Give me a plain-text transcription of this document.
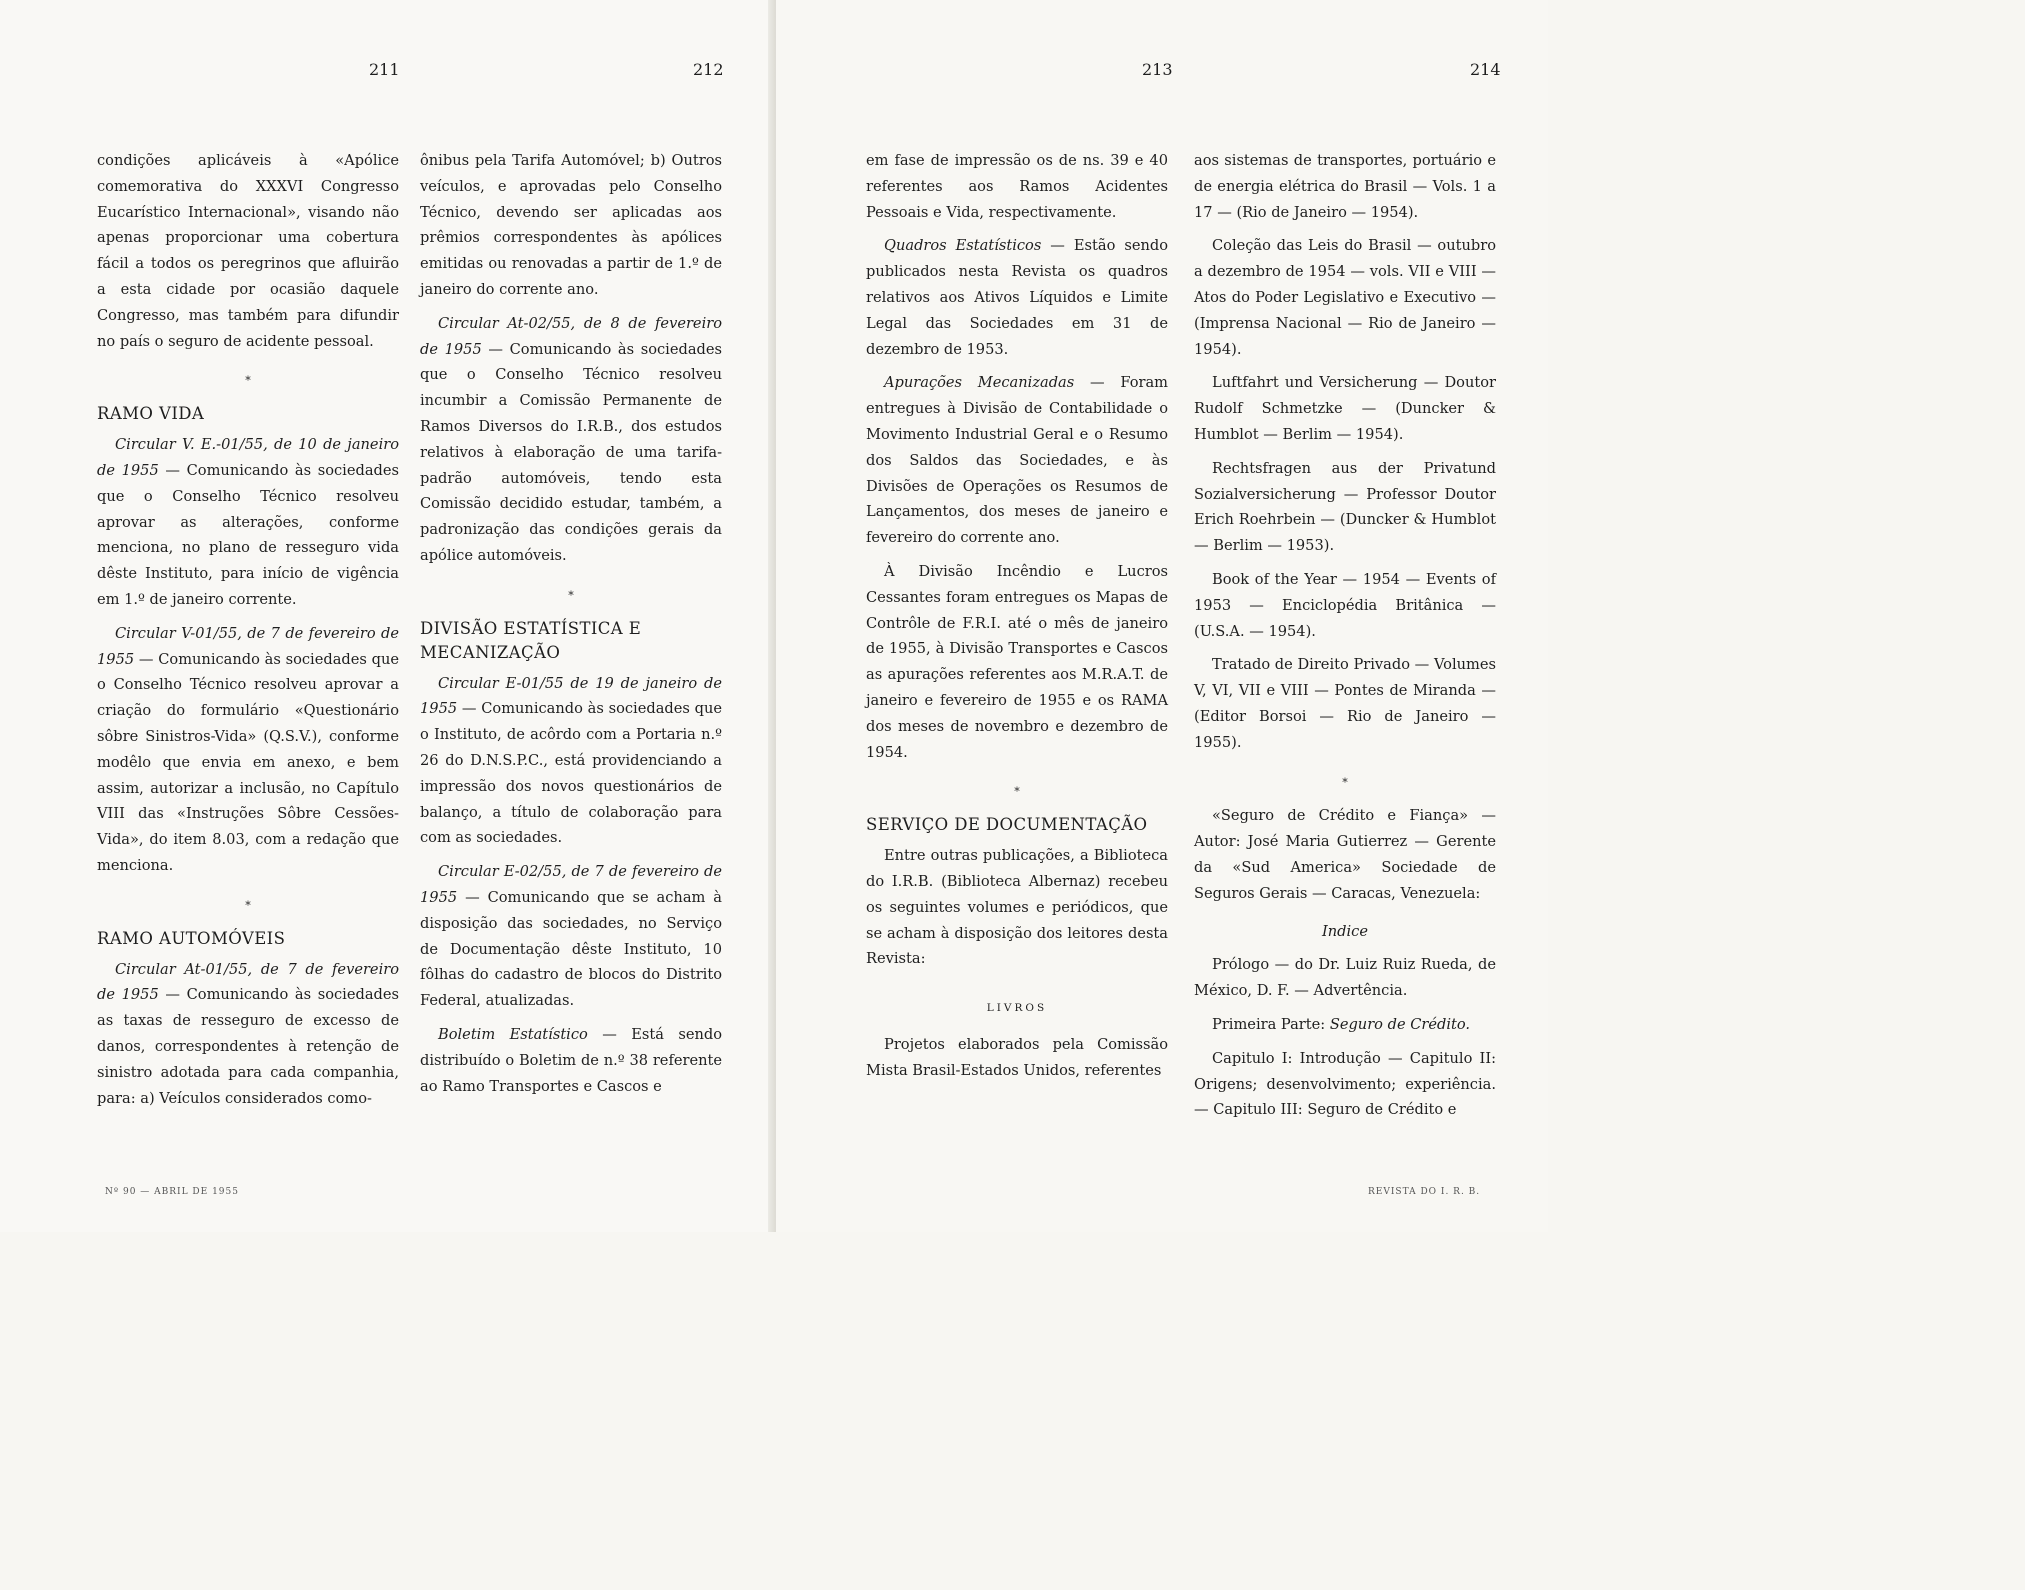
211	212

condições aplicáveis à «Apólice comemorativa do XXXVI Congresso Eucarístico Internacional», visando não apenas proporcionar uma cobertura fácil a todos os peregrinos que afluirão a esta cidade por ocasião daquele Congresso, mas também para difundir no país o seguro de acidente pessoal.

*
RAMO VIDA

Circular V. E.-01/55, de 10 de janeiro de 1955 — Comunicando às sociedades que o Conselho Técnico resolveu aprovar as alterações, conforme menciona, no plano de resseguro vida dêste Instituto, para início de vigência em 1.º de janeiro corrente.

Circular V-01/55, de 7 de fevereiro de 1955 — Comunicando às sociedades que o Conselho Técnico resolveu aprovar a criação do formulário «Questionário sôbre Sinistros-Vida» (Q.S.V.), conforme modêlo que envia em anexo, e bem assim, autorizar a inclusão, no Capítulo VIII das «Instruções Sôbre Cessões-Vida», do item 8.03, com a redação que menciona.

*
RAMO AUTOMÓVEIS

Circular At-01/55, de 7 de fevereiro de 1955 — Comunicando às sociedades as taxas de resseguro de excesso de danos, correspondentes à retenção de sinistro adotada para cada companhia, para: a) Veículos considerados como-

ônibus pela Tarifa Automóvel; b) Outros veículos, e aprovadas pelo Conselho Técnico, devendo ser aplicadas aos prêmios correspondentes às apólices emitidas ou renovadas a partir de 1.º de janeiro do corrente ano.

Circular At-02/55, de 8 de fevereiro de 1955 — Comunicando às sociedades que o Conselho Técnico resolveu incumbir a Comissão Permanente de Ramos Diversos do I.R.B., dos estudos relativos à elaboração de uma tarifa-padrão automóveis, tendo esta Comissão decidido estudar, também, a padronização das condições gerais da apólice automóveis.

*
DIVISÃO ESTATÍSTICA E MECANIZAÇÃO

Circular E-01/55 de 19 de janeiro de 1955 — Comunicando às sociedades que o Instituto, de acôrdo com a Portaria n.º 26 do D.N.S.P.C., está providenciando a impressão dos novos questionários de balanço, a título de colaboração para com as sociedades.

Circular E-02/55, de 7 de fevereiro de 1955 — Comunicando que se acham à disposição das sociedades, no Serviço de Documentação dêste Instituto, 10 fôlhas do cadastro de blocos do Distrito Federal, atualizadas.

Boletim Estatístico — Está sendo distribuído o Boletim de n.º 38 referente ao Ramo Transportes e Cascos e

Nº 90 — ABRIL DE 1955
213	214

em fase de impressão os de ns. 39 e 40 referentes aos Ramos Acidentes Pessoais e Vida, respectivamente.

Quadros Estatísticos — Estão sendo publicados nesta Revista os quadros relativos aos Ativos Líquidos e Limite Legal das Sociedades em 31 de dezembro de 1953.

Apurações Mecanizadas — Foram entregues à Divisão de Contabilidade o Movimento Industrial Geral e o Resumo dos Saldos das Sociedades, e às Divisões de Operações os Resumos de Lançamentos, dos meses de janeiro e fevereiro do corrente ano.

À Divisão Incêndio e Lucros Cessantes foram entregues os Mapas de Contrôle de F.R.I. até o mês de janeiro de 1955, à Divisão Transportes e Cascos as apurações referentes aos M.R.A.T. de janeiro e fevereiro de 1955 e os RAMA dos meses de novembro e dezembro de 1954.

*
SERVIÇO DE DOCUMENTAÇÃO

Entre outras publicações, a Biblioteca do I.R.B. (Biblioteca Albernaz) recebeu os seguintes volumes e periódicos, que se acham à disposição dos leitores desta Revista:

LIVROS

Projetos elaborados pela Comissão Mista Brasil-Estados Unidos, referentes

aos sistemas de transportes, portuário e de energia elétrica do Brasil — Vols. 1 a 17 — (Rio de Janeiro — 1954).

Coleção das Leis do Brasil — outubro a dezembro de 1954 — vols. VII e VIII — Atos do Poder Legislativo e Executivo — (Imprensa Nacional — Rio de Janeiro — 1954).

Luftfahrt und Versicherung — Doutor Rudolf Schmetzke — (Duncker & Humblot — Berlim — 1954).

Rechtsfragen aus der Privatund Sozialversicherung — Professor Doutor Erich Roehrbein — (Duncker & Humblot — Berlim — 1953).

Book of the Year — 1954 — Events of 1953 — Enciclopédia Britânica — (U.S.A. — 1954).

Tratado de Direito Privado — Volumes V, VI, VII e VIII — Pontes de Miranda — (Editor Borsoi — Rio de Janeiro — 1955).

*

«Seguro de Crédito e Fiança» — Autor: José Maria Gutierrez — Gerente da «Sud America» Sociedade de Seguros Gerais — Caracas, Venezuela:

Indice

Prólogo — do Dr. Luiz Ruiz Rueda, de México, D. F. — Advertência.

Primeira Parte: Seguro de Crédito.

Capitulo I: Introdução — Capitulo II: Origens; desenvolvimento; experiência. — Capitulo III: Seguro de Crédito e

REVISTA DO I. R. B.
